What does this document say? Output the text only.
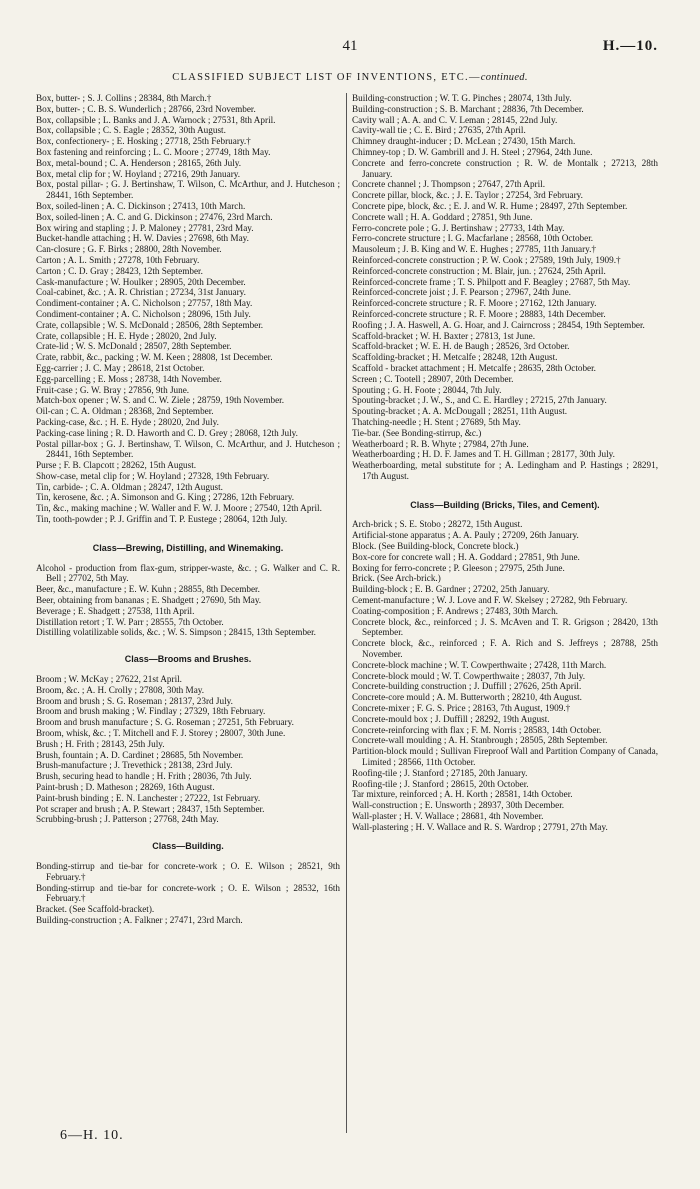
41	H.—10.
CLASSIFIED SUBJECT LIST OF INVENTIONS, ETC.—continued.

Box, butter- ; S. J. Collins ; 28384, 8th March.†

Box, butter- ; C. B. S. Wunderlich ; 28766, 23rd November.

Box, collapsible ; L. Banks and J. A. Warnock ; 27531, 8th April.

Box, collapsible ; C. S. Eagle ; 28352, 30th August.

Box, confectionery- ; E. Hosking ; 27718, 25th February.†

Box fastening and reinforcing ; L. C. Moore ; 27749, 18th May.

Box, metal-bound ; C. A. Henderson ; 28165, 26th July.

Box, metal clip for ; W. Hoyland ; 27216, 29th January.

Box, postal pillar- ; G. J. Bertinshaw, T. Wilson, C. McArthur, and J. Hutcheson ; 28441, 16th September.

Box, soiled-linen ; A. C. Dickinson ; 27413, 10th March.

Box, soiled-linen ; A. C. and G. Dickinson ; 27476, 23rd March.

Box wiring and stapling ; J. P. Maloney ; 27781, 23rd May.

Bucket-handle attaching ; H. W. Davies ; 27698, 6th May.

Can-closure ; G. F. Birks ; 28800, 28th November.

Carton ; A. L. Smith ; 27278, 10th February.

Carton ; C. D. Gray ; 28423, 12th September.

Cask-manufacture ; W. Houlker ; 28905, 20th December.

Coal-cabinet, &c. ; A. R. Christian ; 27234, 31st January.

Condiment-container ; A. C. Nicholson ; 27757, 18th May.

Condiment-container ; A. C. Nicholson ; 28096, 15th July.

Crate, collapsible ; W. S. McDonald ; 28506, 28th September.

Crate, collapsible ; H. E. Hyde ; 28020, 2nd July.

Crate-lid ; W. S. McDonald ; 28507, 28th September.

Crate, rabbit, &c., packing ; W. M. Keen ; 28808, 1st December.

Egg-carrier ; J. C. May ; 28618, 21st October.

Egg-parcelling ; E. Moss ; 28738, 14th November.

Fruit-case ; G. W. Bray ; 27856, 9th June.

Match-box opener ; W. S. and C. W. Ziele ; 28759, 19th November.

Oil-can ; C. A. Oldman ; 28368, 2nd September.

Packing-case, &c. ; H. E. Hyde ; 28020, 2nd July.

Packing-case lining ; R. D. Haworth and C. D. Grey ; 28068, 12th July.

Postal pillar-box ; G. J. Bertinshaw, T. Wilson, C. McArthur, and J. Hutcheson ; 28441, 16th September.

Purse ; F. B. Clapcott ; 28262, 15th August.

Show-case, metal clip for ; W. Hoyland ; 27328, 19th February.

Tin, carbide- ; C. A. Oldman ; 28247, 12th August.

Tin, kerosene, &c. ; A. Simonson and G. King ; 27286, 12th February.

Tin, &c., making machine ; W. Waller and F. W. J. Moore ; 27540, 12th April.

Tin, tooth-powder ; P. J. Griffin and T. P. Eustege ; 28064, 12th July.

Class—Brewing, Distilling, and Winemaking.

Alcohol - production from flax-gum, stripper-waste, &c. ; G. Walker and C. R. Bell ; 27702, 5th May.

Beer, &c., manufacture ; E. W. Kuhn ; 28855, 8th December.

Beer, obtaining from bananas ; E. Shadgett ; 27690, 5th May.

Beverage ; E. Shadgett ; 27538, 11th April.

Distillation retort ; T. W. Parr ; 28555, 7th October.

Distilling volatilizable solids, &c. ; W. S. Simpson ; 28415, 13th September.

Class—Brooms and Brushes.

Broom ; W. McKay ; 27622, 21st April.

Broom, &c. ; A. H. Crolly ; 27808, 30th May.

Broom and brush ; S. G. Roseman ; 28137, 23rd July.

Broom and brush making ; W. Findlay ; 27329, 18th February.

Broom and brush manufacture ; S. G. Roseman ; 27251, 5th February.

Broom, whisk, &c. ; T. Mitchell and F. J. Storey ; 28007, 30th June.

Brush ; H. Frith ; 28143, 25th July.

Brush, fountain ; A. D. Cardinet ; 28685, 5th November.

Brush-manufacture ; J. Trevethick ; 28138, 23rd July.

Brush, securing head to handle ; H. Frith ; 28036, 7th July.

Paint-brush ; D. Matheson ; 28269, 16th August.

Paint-brush binding ; E. N. Lanchester ; 27222, 1st February.

Pot scraper and brush ; A. P. Stewart ; 28437, 15th September.

Scrubbing-brush ; J. Patterson ; 27768, 24th May.

Class—Building.

Bonding-stirrup and tie-bar for concrete-work ; O. E. Wilson ; 28521, 9th February.†

Bonding-stirrup and tie-bar for concrete-work ; O. E. Wilson ; 28532, 16th February.†

Bracket. (See Scaffold-bracket).

Building-construction ; A. Falkner ; 27471, 23rd March.

Building-construction ; W. T. G. Pinches ; 28074, 13th July.

Building-construction ; S. B. Marchant ; 28836, 7th December.

Cavity wall ; A. A. and C. V. Leman ; 28145, 22nd July.

Cavity-wall tie ; C. E. Bird ; 27635, 27th April.

Chimney draught-inducer ; D. McLean ; 27430, 15th March.

Chimney-top ; D. W. Gambrill and J. H. Steel ; 27964, 24th June.

Concrete and ferro-concrete construction ; R. W. de Montalk ; 27213, 28th January.

Concrete channel ; J. Thompson ; 27647, 27th April.

Concrete pillar, block, &c. ; J. E. Taylor ; 27254, 3rd February.

Concrete pipe, block, &c. ; E. J. and W. R. Hume ; 28497, 27th September.

Concrete wall ; H. A. Goddard ; 27851, 9th June.

Ferro-concrete pole ; G. J. Bertinshaw ; 27733, 14th May.

Ferro-concrete structure ; I. G. Macfarlane ; 28568, 10th October.

Mausoleum ; J. B. King and W. E. Hughes ; 27785, 11th January.†

Reinforced-concrete construction ; P. W. Cook ; 27589, 19th July, 1909.†

Reinforced-concrete construction ; M. Blair, jun. ; 27624, 25th April.

Reinforced-concrete frame ; T. S. Philpott and F. Beagley ; 27687, 5th May.

Reinforced-concrete joist ; J. F. Pearson ; 27967, 24th June.

Reinforced-concrete structure ; R. F. Moore ; 27162, 12th January.

Reinforced-concrete structure ; R. F. Moore ; 28883, 14th December.

Roofing ; J. A. Haswell, A. G. Hoar, and J. Cairncross ; 28454, 19th September.

Scaffold-bracket ; W. H. Baxter ; 27813, 1st June.

Scaffold-bracket ; W. E. H. de Baugh ; 28526, 3rd October.

Scaffolding-bracket ; H. Metcalfe ; 28248, 12th August.

Scaffold - bracket attachment ; H. Metcalfe ; 28635, 28th October.

Screen ; C. Tootell ; 28907, 20th December.

Spouting ; G. H. Foote ; 28044, 7th July.

Spouting-bracket ; J. W., S., and C. E. Hardley ; 27215, 27th January.

Spouting-bracket ; A. A. McDougall ; 28251, 11th August.

Thatching-needle ; H. Stent ; 27689, 5th May.

Tie-bar. (See Bonding-stirrup, &c.)

Weatherboard ; R. B. Whyte ; 27984, 27th June.

Weatherboarding ; H. D. F. James and T. H. Gillman ; 28177, 30th July.

Weatherboarding, metal substitute for ; A. Ledingham and P. Hastings ; 28291, 17th August.

Class—Building (Bricks, Tiles, and Cement).

Arch-brick ; S. E. Stobo ; 28272, 15th August.

Artificial-stone apparatus ; A. A. Pauly ; 27209, 26th January.

Block. (See Building-block, Concrete block.)

Box-core for concrete wall ; H. A. Goddard ; 27851, 9th June.

Boxing for ferro-concrete ; P. Gleeson ; 27975, 25th June.

Brick. (See Arch-brick.)

Building-block ; E. B. Gardner ; 27202, 25th January.

Cement-manufacture ; W. J. Love and F. W. Skelsey ; 27282, 9th February.

Coating-composition ; F. Andrews ; 27483, 30th March.

Concrete block, &c., reinforced ; J. S. McAven and T. R. Grigson ; 28420, 13th September.

Concrete block, &c., reinforced ; F. A. Rich and S. Jeffreys ; 28788, 25th November.

Concrete-block machine ; W. T. Cowperthwaite ; 27428, 11th March.

Concrete-block mould ; W. T. Cowperthwaite ; 28037, 7th July.

Concrete-building construction ; J. Duffill ; 27626, 25th April.

Concrete-core mould ; A. M. Butterworth ; 28210, 4th August.

Concrete-mixer ; F. G. S. Price ; 28163, 7th August, 1909.†

Concrete-mould box ; J. Duffill ; 28292, 19th August.

Concrete-reinforcing with flax ; F. M. Norris ; 28583, 14th October.

Concrete-wall moulding ; A. H. Stanbrough ; 28505, 28th September.

Partition-block mould ; Sullivan Fireproof Wall and Partition Company of Canada, Limited ; 28566, 11th October.

Roofing-tile ; J. Stanford ; 27185, 20th January.

Roofing-tile ; J. Stanford ; 28615, 20th October.

Tar mixture, reinforced ; A. H. Korth ; 28581, 14th October.

Wall-construction ; E. Unsworth ; 28937, 30th December.

Wall-plaster ; H. V. Wallace ; 28681, 4th November.

Wall-plastering ; H. V. Wallace and R. S. Wardrop ; 27791, 27th May.

6—H. 10.
